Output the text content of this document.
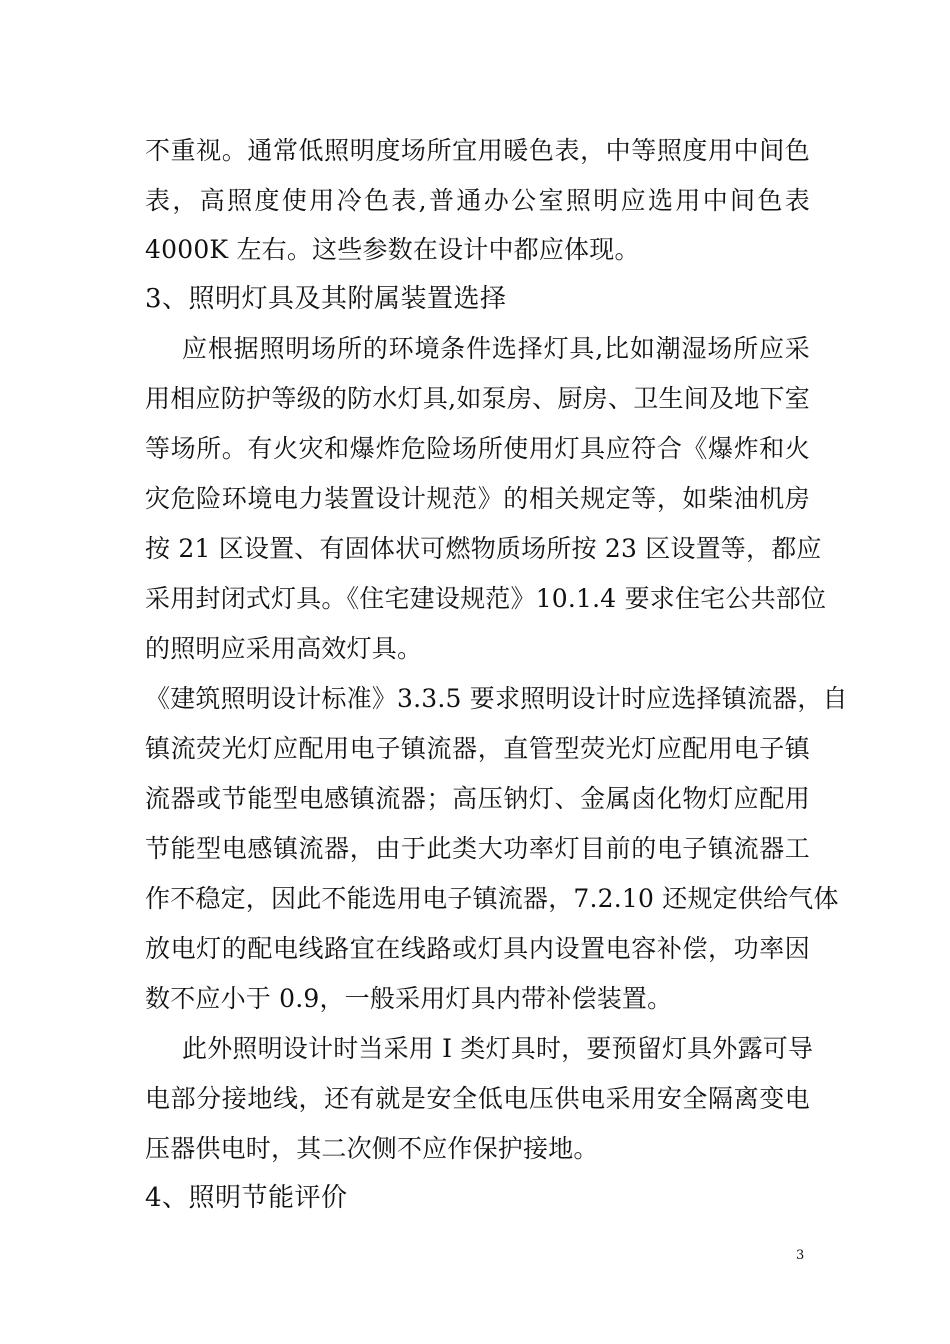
不重视。通常低照明度场所宜用暖色表，中等照度用中间色
表，高照度使用冷色表,普通办公室照明应选用中间色表
4000K 左右。这些参数在设计中都应体现。
3、照明灯具及其附属装置选择
应根据照明场所的环境条件选择灯具,比如潮湿场所应采
用相应防护等级的防水灯具,如泵房、厨房、卫生间及地下室
等场所。有火灾和爆炸危险场所使用灯具应符合《爆炸和火
灾危险环境电力装置设计规范》的相关规定等，如柴油机房
按 21 区设置、有固体状可燃物质场所按 23 区设置等，都应
采用封闭式灯具。《住宅建设规范》10.1.4 要求住宅公共部位
的照明应采用高效灯具。
《建筑照明设计标准》3.3.5 要求照明设计时应选择镇流器，自
镇流荧光灯应配用电子镇流器，直管型荧光灯应配用电子镇
流器或节能型电感镇流器；高压钠灯、金属卤化物灯应配用
节能型电感镇流器，由于此类大功率灯目前的电子镇流器工
作不稳定，因此不能选用电子镇流器，7.2.10 还规定供给气体
放电灯的配电线路宜在线路或灯具内设置电容补偿，功率因
数不应小于 0.9，一般采用灯具内带补偿装置。
此外照明设计时当采用 I 类灯具时，要预留灯具外露可导
电部分接地线，还有就是安全低电压供电采用安全隔离变电
压器供电时，其二次侧不应作保护接地。
4、照明节能评价
3
